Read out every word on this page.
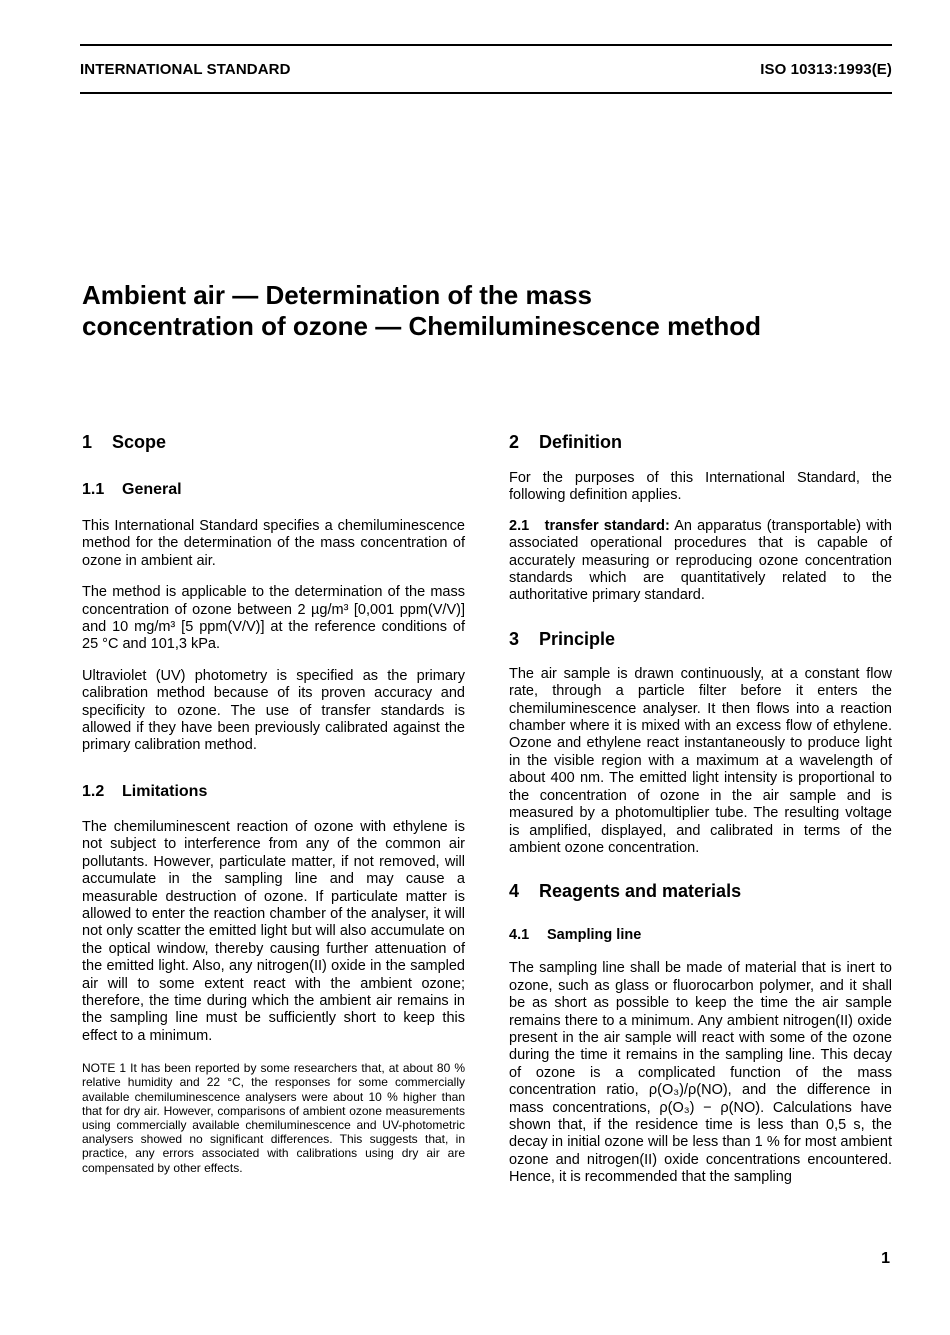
INTERNATIONAL STANDARD	ISO 10313:1993(E)
Ambient air — Determination of the mass
concentration of ozone — Chemiluminescence method
1 Scope
1.1 General

This International Standard specifies a chemiluminescence method for the determination of the mass concentration of ozone in ambient air.

The method is applicable to the determination of the mass concentration of ozone between 2 µg/m³ [0,001 ppm(V/V)] and 10 mg/m³ [5 ppm(V/V)] at the reference conditions of 25 °C and 101,3 kPa.

Ultraviolet (UV) photometry is specified as the primary calibration method because of its proven accuracy and specificity to ozone. The use of transfer standards is allowed if they have been previously calibrated against the primary calibration method.

1.2 Limitations

The chemiluminescent reaction of ozone with ethylene is not subject to interference from any of the common air pollutants. However, particulate matter, if not removed, will accumulate in the sampling line and may cause a measurable destruction of ozone. If particulate matter is allowed to enter the reaction chamber of the analyser, it will not only scatter the emitted light but will also accumulate on the optical window, thereby causing further attenuation of the emitted light. Also, any nitrogen(II) oxide in the sampled air will to some extent react with the ambient ozone; therefore, the time during which the ambient air remains in the sampling line must be sufficiently short to keep this effect to a minimum.

NOTE 1 It has been reported by some researchers that, at about 80 % relative humidity and 22 °C, the responses for some commercially available chemiluminescence analysers were about 10 % higher than that for dry air. However, comparisons of ambient ozone measurements using commercially available chemiluminescence and UV-photometric analysers showed no significant differences. This suggests that, in practice, any errors associated with calibrations using dry air are compensated by other effects.

2 Definition

For the purposes of this International Standard, the following definition applies.

2.1 transfer standard: An apparatus (transportable) with associated operational procedures that is capable of accurately measuring or reproducing ozone concentration standards which are quantitatively related to the authoritative primary standard.

3 Principle

The air sample is drawn continuously, at a constant flow rate, through a particle filter before it enters the chemiluminescence analyser. It then flows into a reaction chamber where it is mixed with an excess flow of ethylene. Ozone and ethylene react instantaneously to produce light in the visible region with a maximum at a wavelength of about 400 nm. The emitted light intensity is proportional to the concentration of ozone in the air sample and is measured by a photomultiplier tube. The resulting voltage is amplified, displayed, and calibrated in terms of the ambient ozone concentration.

4 Reagents and materials
4.1 Sampling line

The sampling line shall be made of material that is inert to ozone, such as glass or fluorocarbon polymer, and it shall be as short as possible to keep the time the air sample remains there to a minimum. Any ambient nitrogen(II) oxide present in the air sample will react with some of the ozone during the time it remains in the sampling line. This decay of ozone is a complicated function of the mass concentration ratio, ρ(O₃)/ρ(NO), and the difference in mass concentrations, ρ(O₃) − ρ(NO). Calculations have shown that, if the residence time is less than 0,5 s, the decay in initial ozone will be less than 1 % for most ambient ozone and nitrogen(II) oxide concentrations encountered. Hence, it is recommended that the sampling

1
